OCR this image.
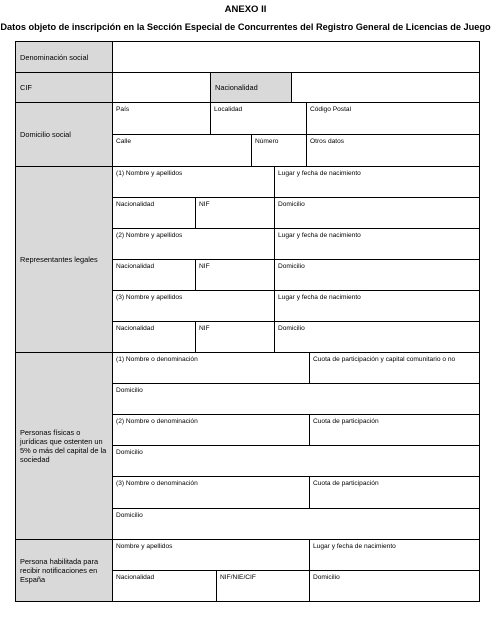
ANEXO II
Datos objeto de inscripción en la Sección Especial de Concurrentes del Registro General de Licencias de Juego
Denominación social
CIF	Nacionalidad
Domicilio social
País	Localidad	Código Postal
Calle	Número	Otros datos
Representantes legales
(1) Nombre y apellidos	Lugar y fecha de nacimiento
Nacionalidad	NIF	Domicilio
(2) Nombre y apellidos	Lugar y fecha de nacimiento
Nacionalidad	NIF	Domicilio
(3) Nombre y apellidos	Lugar y fecha de nacimiento
Nacionalidad	NIF	Domicilio
Personas físicas o jurídicas que ostenten un 5% o más del capital de la sociedad
(1) Nombre o denominación	Cuota de participación y capital comunitario o no
Domicilio
(2) Nombre o denominación	Cuota de participación
Domicilio
(3) Nombre o denominación	Cuota de participación
Domicilio
Persona habilitada para recibir notificaciones en España
Nombre y apellidos	Lugar y fecha de nacimiento
Nacionalidad	NIF/NIE/CIF	Domicilio
